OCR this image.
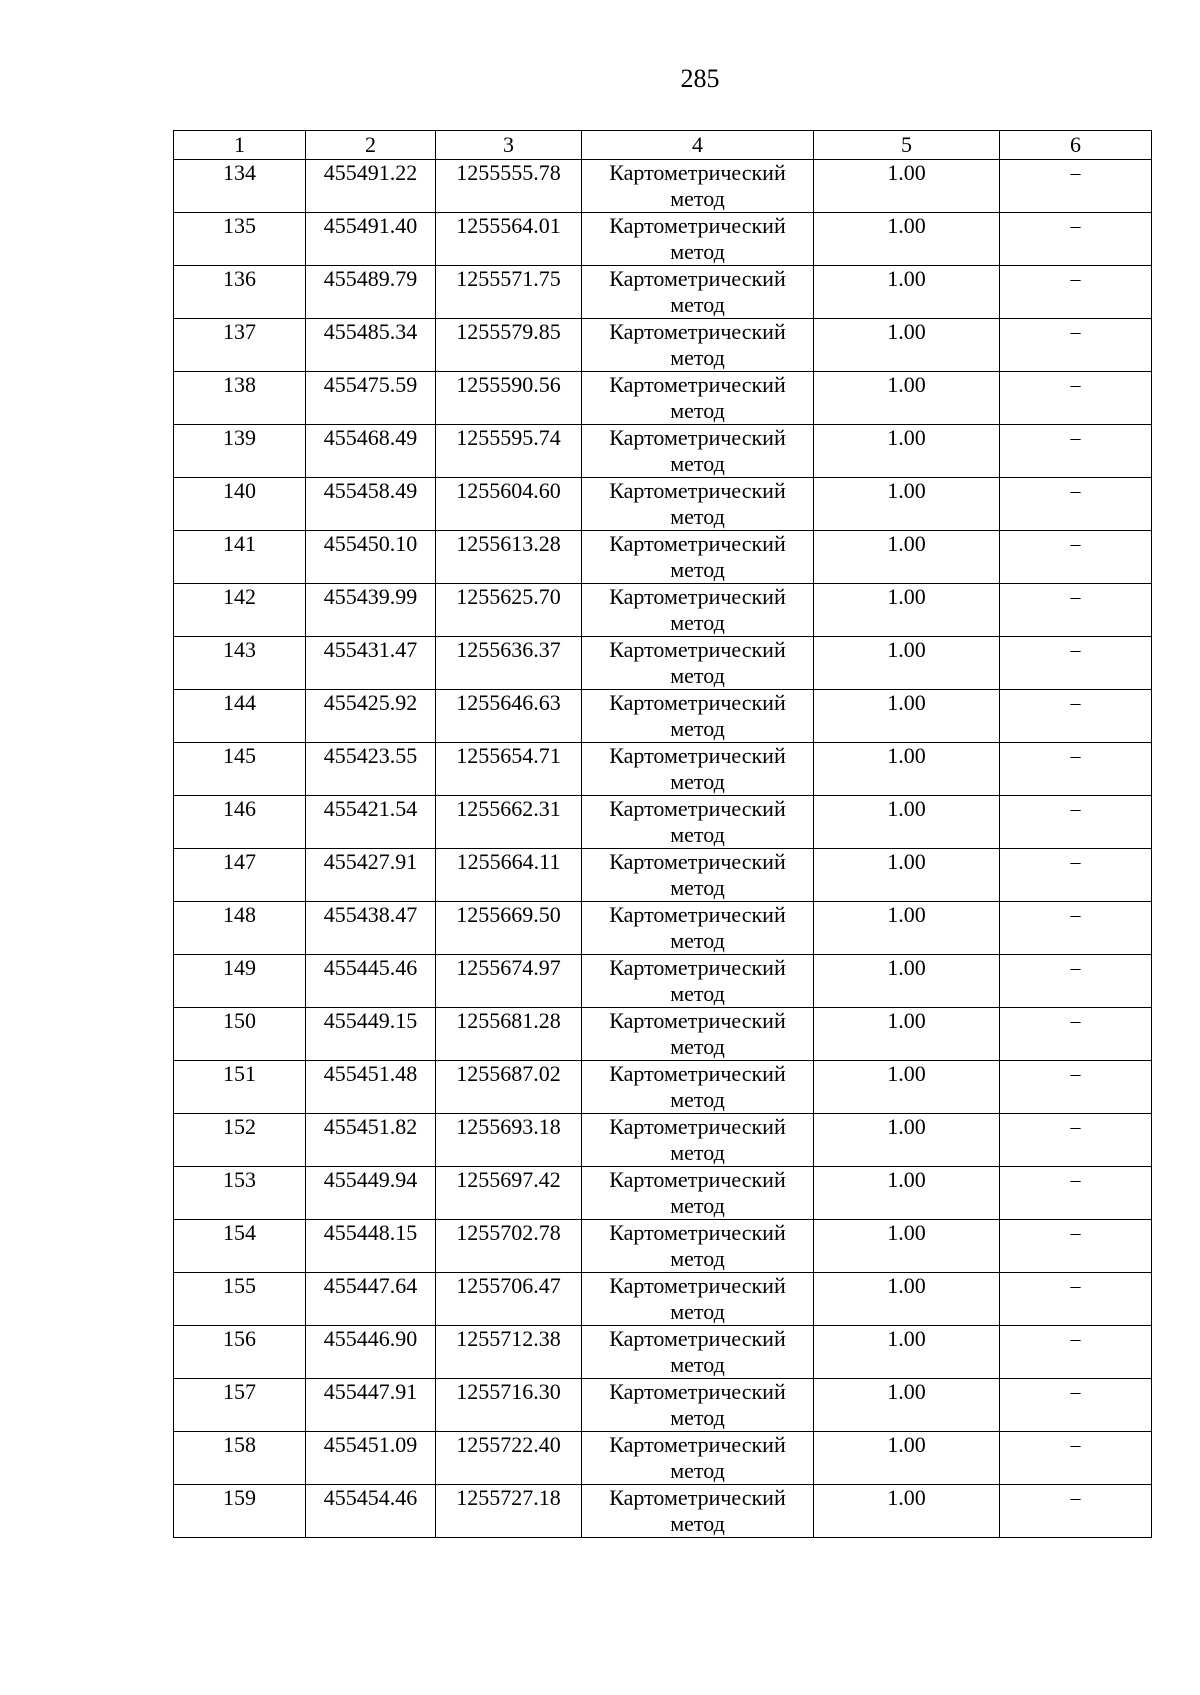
285
1	2	3	4	5	6
134	455491.22	1255555.78	Картометрический метод	1.00	–
135	455491.40	1255564.01	Картометрический метод	1.00	–
136	455489.79	1255571.75	Картометрический метод	1.00	–
137	455485.34	1255579.85	Картометрический метод	1.00	–
138	455475.59	1255590.56	Картометрический метод	1.00	–
139	455468.49	1255595.74	Картометрический метод	1.00	–
140	455458.49	1255604.60	Картометрический метод	1.00	–
141	455450.10	1255613.28	Картометрический метод	1.00	–
142	455439.99	1255625.70	Картометрический метод	1.00	–
143	455431.47	1255636.37	Картометрический метод	1.00	–
144	455425.92	1255646.63	Картометрический метод	1.00	–
145	455423.55	1255654.71	Картометрический метод	1.00	–
146	455421.54	1255662.31	Картометрический метод	1.00	–
147	455427.91	1255664.11	Картометрический метод	1.00	–
148	455438.47	1255669.50	Картометрический метод	1.00	–
149	455445.46	1255674.97	Картометрический метод	1.00	–
150	455449.15	1255681.28	Картометрический метод	1.00	–
151	455451.48	1255687.02	Картометрический метод	1.00	–
152	455451.82	1255693.18	Картометрический метод	1.00	–
153	455449.94	1255697.42	Картометрический метод	1.00	–
154	455448.15	1255702.78	Картометрический метод	1.00	–
155	455447.64	1255706.47	Картометрический метод	1.00	–
156	455446.90	1255712.38	Картометрический метод	1.00	–
157	455447.91	1255716.30	Картометрический метод	1.00	–
158	455451.09	1255722.40	Картометрический метод	1.00	–
159	455454.46	1255727.18	Картометрический метод	1.00	–
